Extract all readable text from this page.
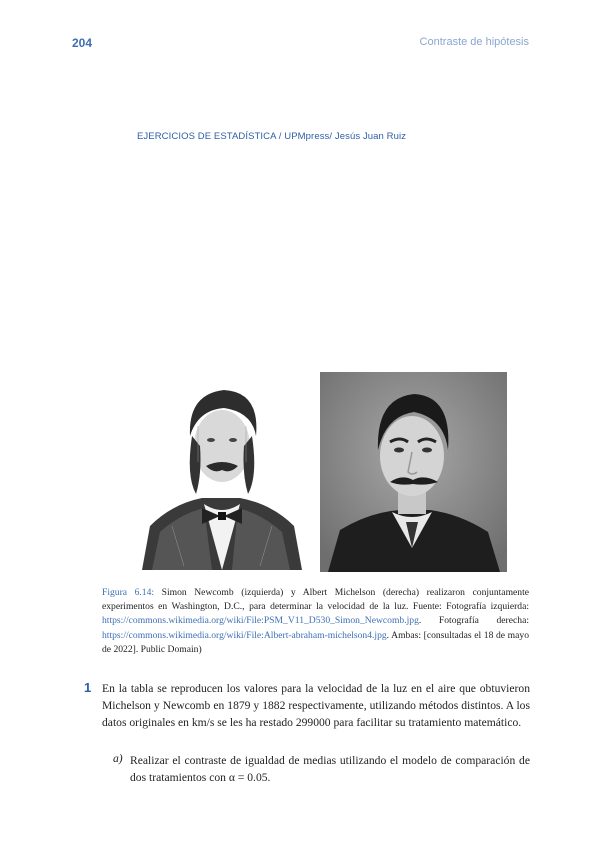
204	Contraste de hipótesis
EJERCICIOS DE ESTADÍSTICA / UPMpress/ Jesús Juan Ruiz
Figura 6.14: Simon Newcomb (izquierda) y Albert Michelson (derecha) realizaron conjuntamente experimentos en Washington, D.C., para determinar la velocidad de la luz. Fuente: Fotografía izquierda: https://commons.wikimedia.org/wiki/File:PSM_V11_D530_Simon_Newcomb.jpg. Fotografía derecha: https://commons.wikimedia.org/wiki/File:Albert-abraham-michelson4.jpg. Ambas: [consultadas el 18 de mayo de 2022]. Public Domain)
1 En la tabla se reproducen los valores para la velocidad de la luz en el aire que obtuvieron Michelson y Newcomb en 1879 y 1882 respectivamente, utilizando métodos distintos. A los datos originales en km/s se les ha restado 299000 para facilitar su tratamiento matemático.
a) Realizar el contraste de igualdad de medias utilizando el modelo de comparación de dos tratamientos con α = 0.05.
